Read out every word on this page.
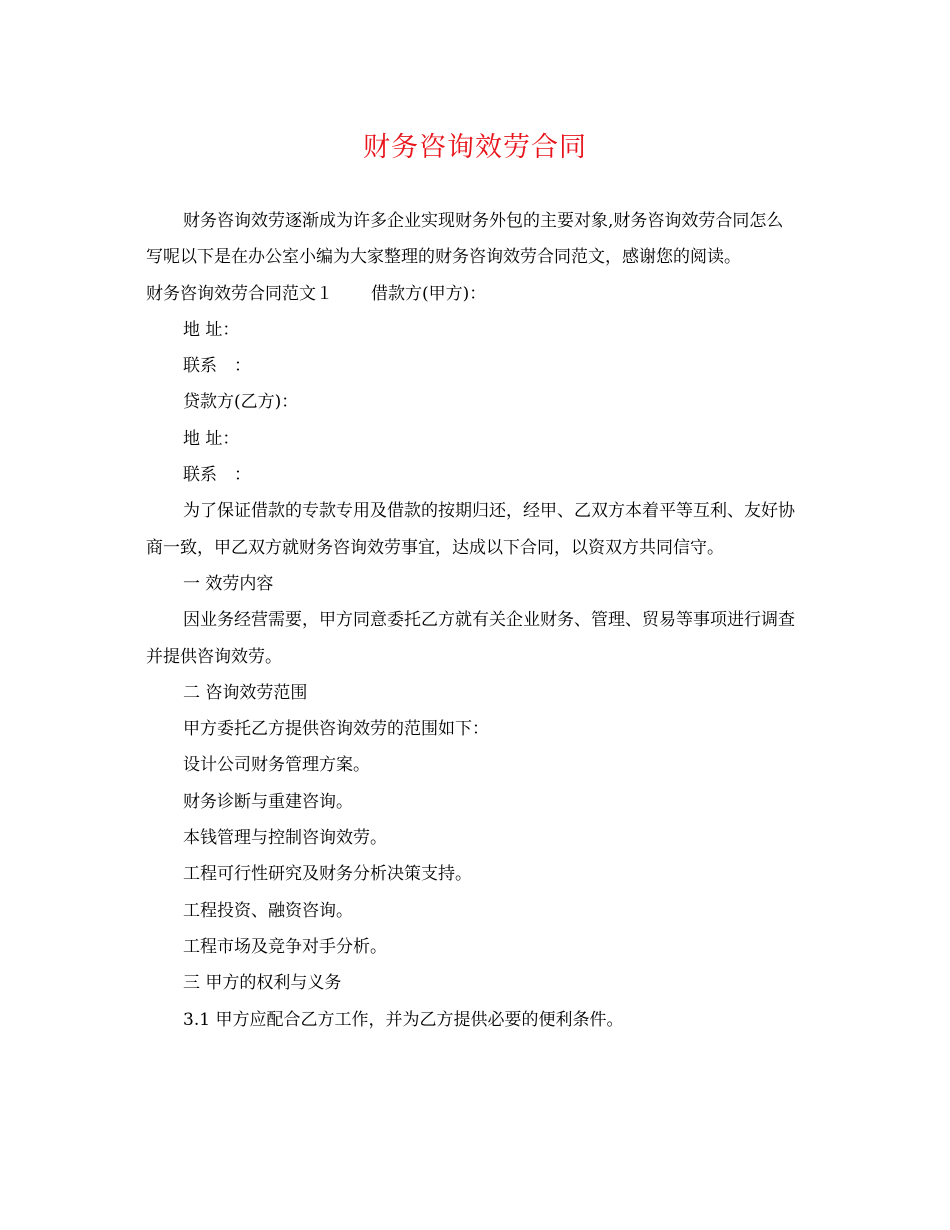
财务咨询效劳合同

财务咨询效劳逐渐成为许多企业实现财务外包的主要对象,财务咨询效劳合同怎么写呢以下是在办公室小编为大家整理的财务咨询效劳合同范文，感谢您的阅读。

财务咨询效劳合同范文１ 借款方(甲方)：

地 址：

联系　：

贷款方(乙方)：

地 址：

联系　：

为了保证借款的专款专用及借款的按期归还，经甲、乙双方本着平等互利、友好协商一致，甲乙双方就财务咨询效劳事宜，达成以下合同，以资双方共同信守。

一 效劳内容

因业务经营需要，甲方同意委托乙方就有关企业财务、管理、贸易等事项进行调查并提供咨询效劳。

二 咨询效劳范围

甲方委托乙方提供咨询效劳的范围如下：

设计公司财务管理方案。

财务诊断与重建咨询。

本钱管理与控制咨询效劳。

工程可行性研究及财务分析决策支持。

工程投资、融资咨询。

工程市场及竞争对手分析。

三 甲方的权利与义务

3.1 甲方应配合乙方工作，并为乙方提供必要的便利条件。
